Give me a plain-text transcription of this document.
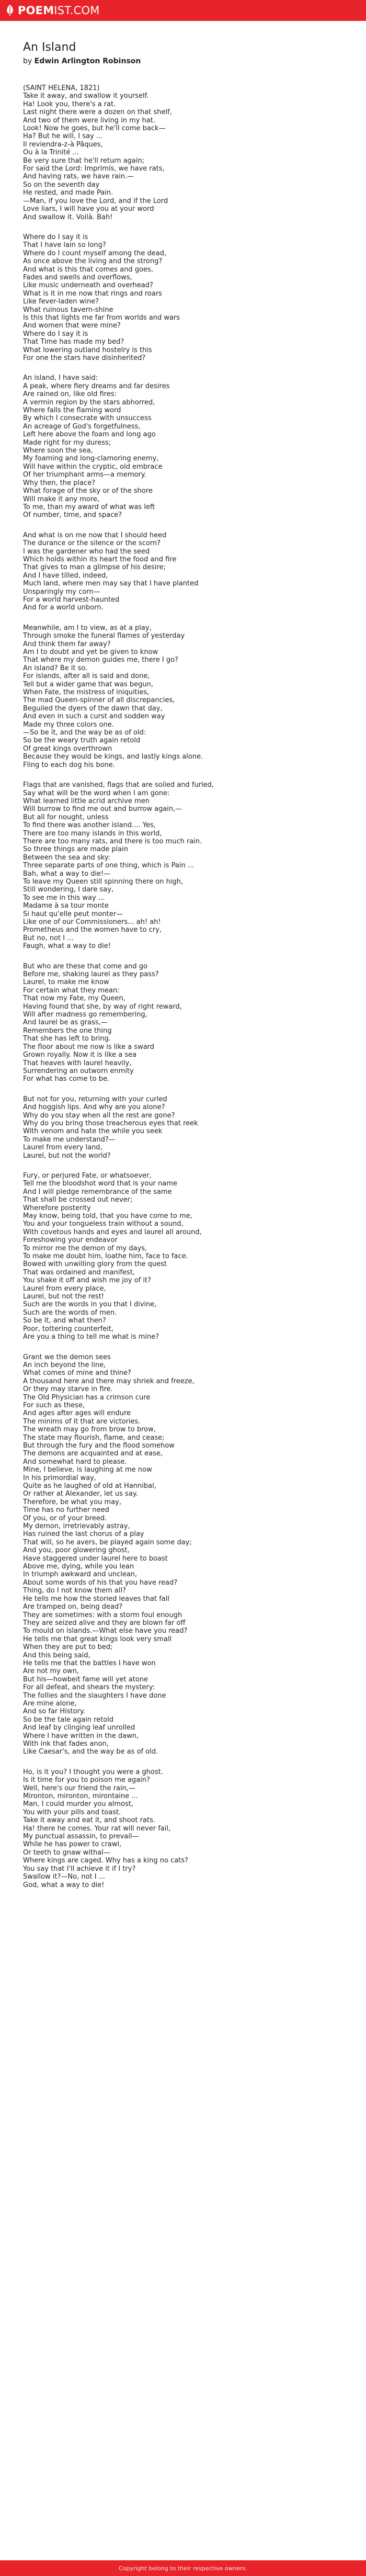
POEM IST.COM
An Island
by Edwin Arlington Robinson
(SAINT HELENA, 1821)
Take it away, and swallow it yourself.
Ha! Look you, there's a rat.
Last night there were a dozen on that shelf,
And two of them were living in my hat.
Look! Now he goes, but he'll come back—
Ha? But he will, I say ...
Il reviendra-z-à Pâques,
Ou à la Trinité ...
Be very sure that he'll return again;
For said the Lord: Imprimis, we have rats,
And having rats, we have rain.—
So on the seventh day
He rested, and made Pain.
—Man, if you love the Lord, and if the Lord
Love liars, I will have you at your word
And swallow it. Voilà. Bah!
Where do I say it is
That I have lain so long?
Where do I count myself among the dead,
As once above the living and the strong?
And what is this that comes and goes,
Fades and swells and overflows,
Like music underneath and overhead?
What is it in me now that rings and roars
Like fever-laden wine?
What ruinous tavern-shine
Is this that lights me far from worlds and wars
And women that were mine?
Where do I say it is
That Time has made my bed?
What lowering outland hostelry is this
For one the stars have disinherited?
An island, I have said:
A peak, where fiery dreams and far desires
Are rained on, like old fires:
A vermin region by the stars abhorred,
Where falls the flaming word
By which I consecrate with unsuccess
An acreage of God's forgetfulness,
Left here above the foam and long ago
Made right for my duress;
Where soon the sea,
My foaming and long-clamoring enemy,
Will have within the cryptic, old embrace
Of her triumphant arms—a memory.
Why then, the place?
What forage of the sky or of the shore
Will make it any more,
To me, than my award of what was left
Of number, time, and space?
And what is on me now that I should heed
The durance or the silence or the scorn?
I was the gardener who had the seed
Which holds within its heart the food and fire
That gives to man a glimpse of his desire;
And I have tilled, indeed,
Much land, where men may say that I have planted
Unsparingly my corn—
For a world harvest-haunted
And for a world unborn.
Meanwhile, am I to view, as at a play,
Through smoke the funeral flames of yesterday
And think them far away?
Am I to doubt and yet be given to know
That where my demon guides me, there I go?
An island? Be it so.
For islands, after all is said and done,
Tell but a wider game that was begun,
When Fate, the mistress of iniquities,
The mad Queen-spinner of all discrepancies,
Beguiled the dyers of the dawn that day,
And even in such a curst and sodden way
Made my three colors one.
—So be it, and the way be as of old:
So be the weary truth again retold
Of great kings overthrown
Because they would be kings, and lastly kings alone.
Fling to each dog his bone.
Flags that are vanished, flags that are soiled and furled,
Say what will be the word when I am gone:
What learned little acrid archive men
Will burrow to find me out and burrow again,—
But all for nought, unless
To find there was another island.... Yes,
There are too many islands in this world,
There are too many rats, and there is too much rain.
So three things are made plain
Between the sea and sky:
Three separate parts of one thing, which is Pain ...
Bah, what a way to die!—
To leave my Queen still spinning there on high,
Still wondering, I dare say,
To see me in this way ...
Madame à sa tour monte
Si haut qu'elle peut monter—
Like one of our Commissioners... ah! ah!
Prometheus and the women have to cry,
But no, not I ...
Faugh, what a way to die!
But who are these that come and go
Before me, shaking laurel as they pass?
Laurel, to make me know
For certain what they mean:
That now my Fate, my Queen,
Having found that she, by way of right reward,
Will after madness go remembering,
And laurel be as grass,—
Remembers the one thing
That she has left to bring.
The floor about me now is like a sward
Grown royally. Now it is like a sea
That heaves with laurel heavily,
Surrendering an outworn enmity
For what has come to be.
But not for you, returning with your curled
And hoggish lips. And why are you alone?
Why do you stay when all the rest are gone?
Why do you bring those treacherous eyes that reek
With venom and hate the while you seek
To make me understand?—
Laurel from every land,
Laurel, but not the world?
Fury, or perjured Fate, or whatsoever,
Tell me the bloodshot word that is your name
And I will pledge remembrance of the same
That shall be crossed out never;
Wherefore posterity
May know, being told, that you have come to me,
You and your tongueless train without a sound,
With covetous hands and eyes and laurel all around,
Foreshowing your endeavor
To mirror me the demon of my days,
To make me doubt him, loathe him, face to face.
Bowed with unwilling glory from the quest
That was ordained and manifest,
You shake it off and wish me joy of it?
Laurel from every place,
Laurel, but not the rest!
Such are the words in you that I divine,
Such are the words of men.
So be it, and what then?
Poor, tottering counterfeit,
Are you a thing to tell me what is mine?
Grant we the demon sees
An inch beyond the line,
What comes of mine and thine?
A thousand here and there may shriek and freeze,
Or they may starve in fire.
The Old Physician has a crimson cure
For such as these,
And ages after ages will endure
The minims of it that are victories.
The wreath may go from brow to brow,
The state may flourish, flame, and cease;
But through the fury and the flood somehow
The demons are acquainted and at ease,
And somewhat hard to please.
Mine, I believe, is laughing at me now
In his primordial way,
Quite as he laughed of old at Hannibal,
Or rather at Alexander, let us say.
Therefore, be what you may,
Time has no further need
Of you, or of your breed.
My demon, irretrievably astray,
Has ruined the last chorus of a play
That will, so he avers, be played again some day;
And you, poor glowering ghost,
Have staggered under laurel here to boast
Above me, dying, while you lean
In triumph awkward and unclean,
About some words of his that you have read?
Thing, do I not know them all?
He tells me how the storied leaves that fall
Are tramped on, being dead?
They are sometimes: with a storm foul enough
They are seized alive and they are blown far off
To mould on islands.—What else have you read?
He tells me that great kings look very small
When they are put to bed;
And this being said,
He tells me that the battles I have won
Are not my own,
But his—howbeit fame will yet atone
For all defeat, and shears the mystery:
The follies and the slaughters I have done
Are mine alone,
And so far History.
So be the tale again retold
And leaf by clinging leaf unrolled
Where I have written in the dawn,
With ink that fades anon,
Like Caesar's, and the way be as of old.
Ho, is it you? I thought you were a ghost.
Is it time for you to poison me again?
Well, here's our friend the rain,—
Mironton, mironton, mirontaine ...
Man, I could murder you almost,
You with your pills and toast.
Take it away and eat it, and shoot rats.
Ha! there he comes. Your rat will never fail,
My punctual assassin, to prevail—
While he has power to crawl,
Or teeth to gnaw withal—
Where kings are caged. Why has a king no cats?
You say that I'll achieve it if I try?
Swallow it?—No, not I ...
God, what a way to die!
Copyright belong to their respective owners.
